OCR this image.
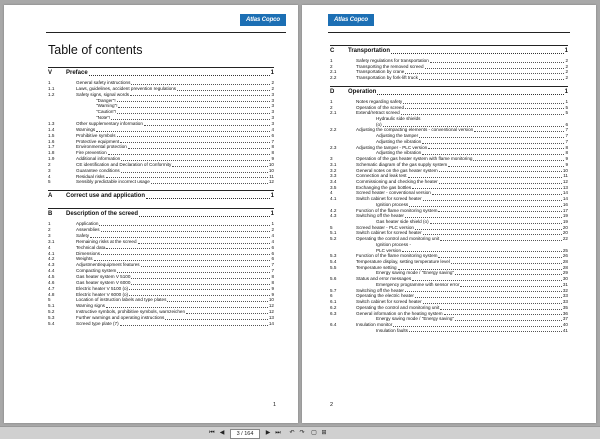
Atlas Copco
Table of contents
V Preface	1
1	General safety instructions	2
1.1	Laws, guidelines, accident prevention regulations	2
1.2	Safety signs, signal words	3
"Danger"!	3
"Warning"!	3
"Caution"!	3
"Note"!	3
1.3	Other supplementary information	3
1.4	Warnings	4
1.5	Prohibitive symbols	6
1.6	Protective equipment	7
1.7	Environmental protection	8
1.8	Fire prevention	8
1.9	Additional information	9
2	CE identification and Declaration of Conformity	10
3	Guarantee conditions	10
4	Residual risks	11
5	Sensibly predictable incorrect usage	12
A Correct use and application	1
B Description of the screed	1
1	Application	1
2	Assemblies	2
3	Safety	4
3.1	Remaining risks at the screed	4
4	Technical data	6
4.1	Dimensions	6
4.2	Weights	6
4.3	Adjustment/equipment features	7
4.4	Compacting system	7
4.5	Gas heater system V 5100	8
4.6	Gas heater system V 6000	8
4.7	Electric heater V 5100 (o)	9
4.8	Electric heater V 6000 (o)	9
5	Location of instruction labels and type plates	10
5.1	Warning signs	12
5.2	Instructive symbols, prohibitive symbols, warnzeichen	12
5.3	Further warnings and operating instructions	13
5.4	Screed type plate (7)	14
1
Atlas Copco
C Transportation	1
1	Safety regulations for transportation	2
2	Transporting the removed screed	2
2.1	Transportation by crane	2
2.2	Transportation by fork-lift truck	2
D Operation	1
1	Notes regarding safety	1
2	Operation of the screed	5
2.1	Extend/retract screed	5
Hydraulic side shields
(o)	6
2.2	Adjusting the compacting elements - conventional version	7
Adjusting the tamper	7
Adjusting the vibration	7
2.3	Adjusting the tamper - PLC version	8
Adjusting the vibration	8
3	Operation of the gas heater system with flame monitoring	9
3.1	Schematic diagram of the gas supply system	9
3.2	General notes on the gas heater system	10
3.3	Connection and leak test	11
3.4	Commissioning and checking the heater	12
3.5	Exchanging the gas bottles	13
4	Screed heater - conventional version	14
4.1	Switch cabinet for screed heater	14
Ignition process	16
4.2	Function of the flame monitoring system	17
4.3	Switching off the heater	19
Gas heater side shield (o)	19
5	Screed heater - PLC version	20
5.1	Switch cabinet for screed heater	20
5.2	Operating the control and monitoring unit	22
Ignition process -
PLC version	25
5.3	Function of the flame monitoring system	26
5.4	Temperature display, setting temperature level	28
5.5	Temperature setting	28
Energy saving mode / "Energy saving"	29
5.6	Status and error messages	30
Emergency programme with sensor error	31
5.7	Switching off the heater	32
6	Operating the electric heater	33
6.1	Switch cabinet for screed heater	33
6.2	Operating the control and monitoring unit	35
6.3	General information on the heating system	36
Energy saving mode / "Energy saving"	37
6.4	Insulation monitor	40
Insulation faults	41
2
⏮ ◀	3 / 164	▶ ⏭ ↶ ↷ ▢ ⊞
